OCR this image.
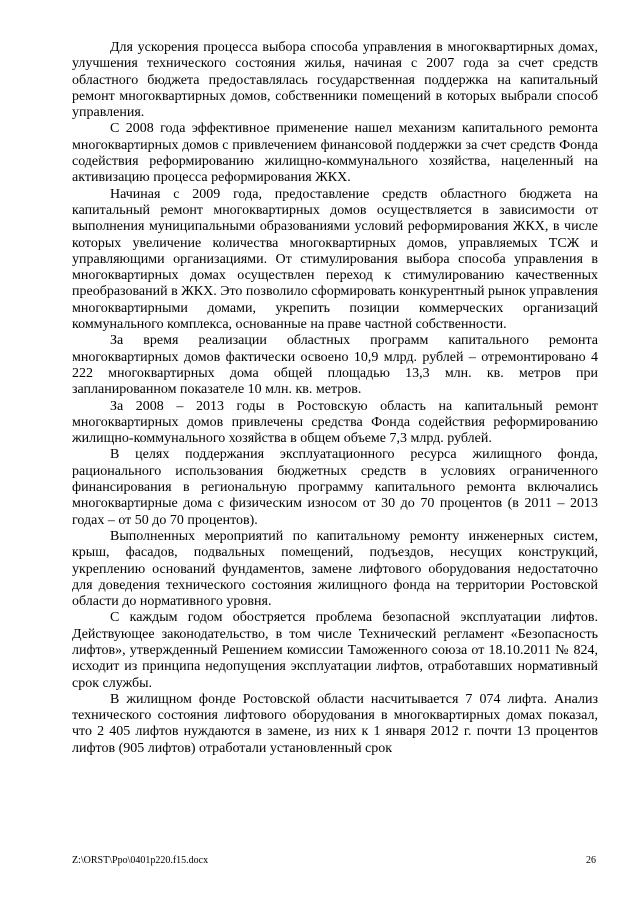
Для ускорения процесса выбора способа управления в многоквартирных домах, улучшения технического состояния жилья, начиная с 2007 года за счет средств областного бюджета предоставлялась государственная поддержка на капитальный ремонт многоквартирных домов, собственники помещений в которых выбрали способ управления.

С 2008 года эффективное применение нашел механизм капитального ремонта многоквартирных домов с привлечением финансовой поддержки за счет средств Фонда содействия реформированию жилищно-коммунального хозяйства, нацеленный на активизацию процесса реформирования ЖКХ.

Начиная с 2009 года, предоставление средств областного бюджета на капитальный ремонт многоквартирных домов осуществляется в зависимости от выполнения муниципальными образованиями условий реформирования ЖКХ, в числе которых увеличение количества многоквартирных домов, управляемых ТСЖ и управляющими организациями. От стимулирования выбора способа управления в многоквартирных домах осуществлен переход к стимулированию качественных преобразований в ЖКХ. Это позволило сформировать конкурентный рынок управления многоквартирными домами, укрепить позиции коммерческих организаций коммунального комплекса, основанные на праве частной собственности.

За время реализации областных программ капитального ремонта многоквартирных домов фактически освоено 10,9 млрд. рублей – отремонтировано 4 222 многоквартирных дома общей площадью 13,3 млн. кв. метров при запланированном показателе 10 млн. кв. метров.

За 2008 – 2013 годы в Ростовскую область на капитальный ремонт многоквартирных домов привлечены средства Фонда содействия реформированию жилищно-коммунального хозяйства в общем объеме 7,3 млрд. рублей.

В целях поддержания эксплуатационного ресурса жилищного фонда, рационального использования бюджетных средств в условиях ограниченного финансирования в региональную программу капитального ремонта включались многоквартирные дома с физическим износом от 30 до 70 процентов (в 2011 – 2013 годах – от 50 до 70 процентов).

Выполненных мероприятий по капитальному ремонту инженерных систем, крыш, фасадов, подвальных помещений, подъездов, несущих конструкций, укреплению оснований фундаментов, замене лифтового оборудования недостаточно для доведения технического состояния жилищного фонда на территории Ростовской области до нормативного уровня.

С каждым годом обостряется проблема безопасной эксплуатации лифтов. Действующее законодательство, в том числе Технический регламент «Безопасность лифтов», утвержденный Решением комиссии Таможенного союза от 18.10.2011 № 824, исходит из принципа недопущения эксплуатации лифтов, отработавших нормативный срок службы.

В жилищном фонде Ростовской области насчитывается 7 074 лифта. Анализ технического состояния лифтового оборудования в многоквартирных домах показал, что 2 405 лифтов нуждаются в замене, из них к 1 января 2012 г. почти 13 процентов лифтов (905 лифтов) отработали установленный срок

Z:\ORST\Ppo\0401p220.f15.docx	26
